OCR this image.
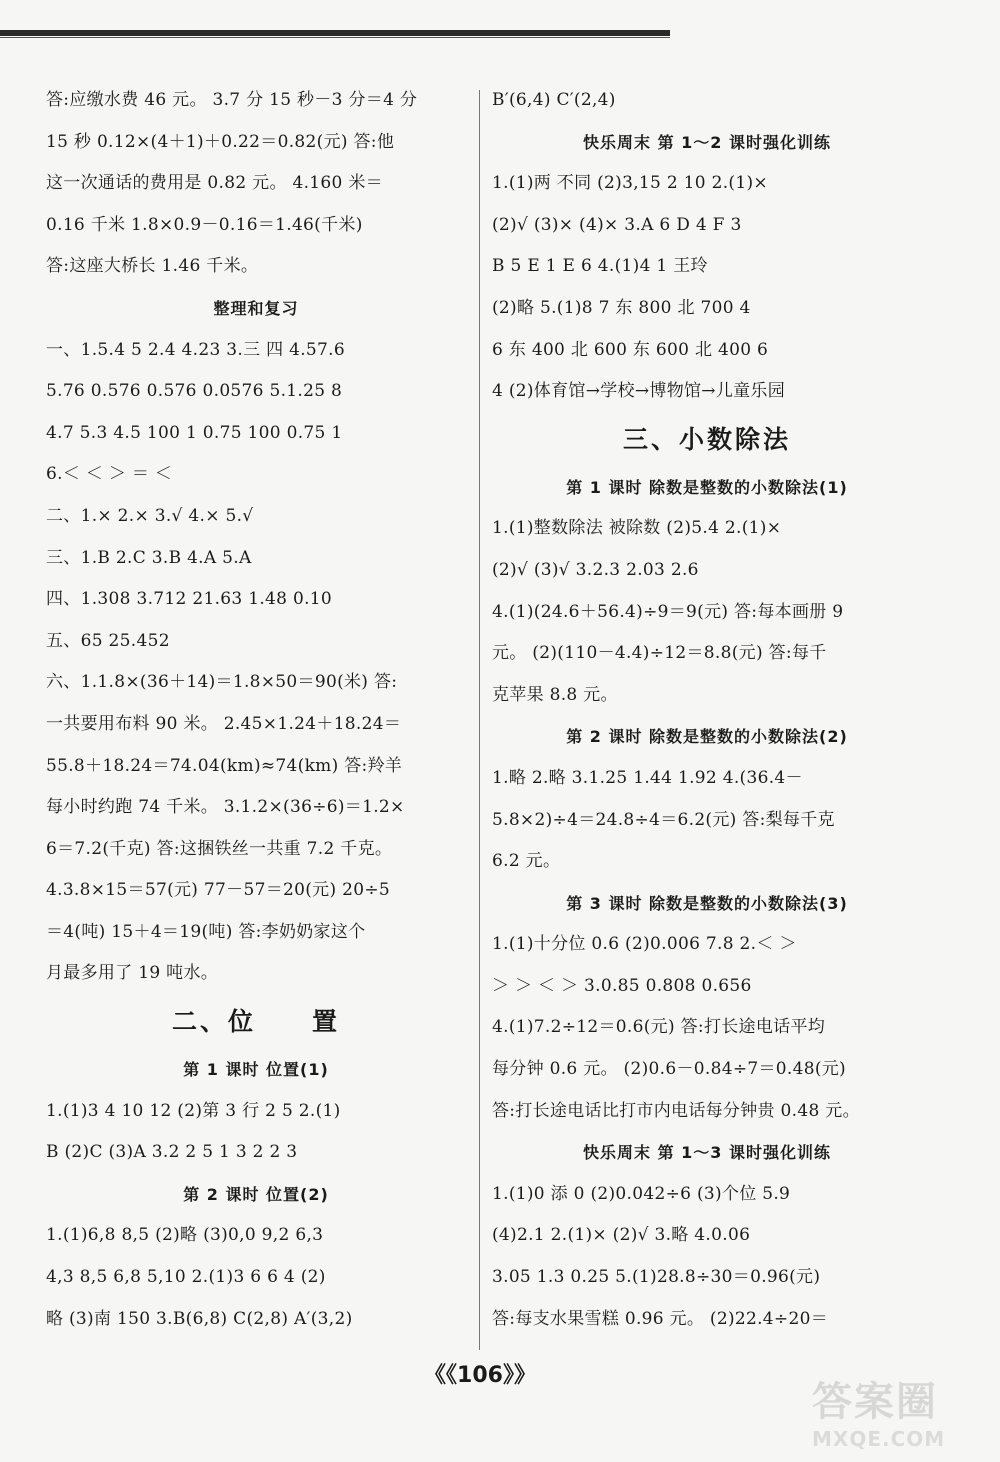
答:应缴水费 46 元。 3.7 分 15 秒－3 分＝4 分
15 秒 0.12×(4＋1)＋0.22＝0.82(元) 答:他
这一次通话的费用是 0.82 元。 4.160 米＝
0.16 千米 1.8×0.9－0.16＝1.46(千米)
答:这座大桥长 1.46 千米。
整理和复习
一、1.5.4 5 2.4 4.23 3.三 四 4.57.6
5.76 0.576 0.576 0.0576 5.1.25 8
4.7 5.3 4.5 100 1 0.75 100 0.75 1
6.＜ ＜ ＞ ＝ ＜
二、1.× 2.× 3.√ 4.× 5.√
三、1.B 2.C 3.B 4.A 5.A
四、1.308 3.712 21.63 1.48 0.10
五、65 25.452
六、1.1.8×(36＋14)＝1.8×50＝90(米) 答:
一共要用布料 90 米。 2.45×1.24＋18.24＝
55.8＋18.24＝74.04(km)≈74(km) 答:羚羊
每小时约跑 74 千米。 3.1.2×(36÷6)＝1.2×
6＝7.2(千克) 答:这捆铁丝一共重 7.2 千克。
4.3.8×15＝57(元) 77－57＝20(元) 20÷5
＝4(吨) 15＋4＝19(吨) 答:李奶奶家这个
月最多用了 19 吨水。
二、位　　置
第 1 课时 位置(1)
1.(1)3 4 10 12 (2)第 3 行 2 5 2.(1)
B (2)C (3)A 3.2 2 5 1 3 2 2 3
第 2 课时 位置(2)
1.(1)6,8 8,5 (2)略 (3)0,0 9,2 6,3
4,3 8,5 6,8 5,10 2.(1)3 6 6 4 (2)
略 (3)南 150 3.B(6,8) C(2,8) A′(3,2)
B′(6,4) C′(2,4)
快乐周末 第 1～2 课时强化训练
1.(1)两 不同 (2)3,15 2 10 2.(1)×
(2)√ (3)× (4)× 3.A 6 D 4 F 3
B 5 E 1 E 6 4.(1)4 1 王玲
(2)略 5.(1)8 7 东 800 北 700 4
6 东 400 北 600 东 600 北 400 6
4 (2)体育馆→学校→博物馆→儿童乐园
三、小数除法
第 1 课时 除数是整数的小数除法(1)
1.(1)整数除法 被除数 (2)5.4 2.(1)×
(2)√ (3)√ 3.2.3 2.03 2.6
4.(1)(24.6＋56.4)÷9＝9(元) 答:每本画册 9
元。 (2)(110－4.4)÷12＝8.8(元) 答:每千
克苹果 8.8 元。
第 2 课时 除数是整数的小数除法(2)
1.略 2.略 3.1.25 1.44 1.92 4.(36.4－
5.8×2)÷4＝24.8÷4＝6.2(元) 答:梨每千克
6.2 元。
第 3 课时 除数是整数的小数除法(3)
1.(1)十分位 0.6 (2)0.006 7.8 2.＜ ＞
＞ ＞ ＜ ＞ 3.0.85 0.808 0.656
4.(1)7.2÷12＝0.6(元) 答:打长途电话平均
每分钟 0.6 元。 (2)0.6－0.84÷7＝0.48(元)
答:打长途电话比打市内电话每分钟贵 0.48 元。
快乐周末 第 1～3 课时强化训练
1.(1)0 添 0 (2)0.042÷6 (3)个位 5.9
(4)2.1 2.(1)× (2)√ 3.略 4.0.06
3.05 1.3 0.25 5.(1)28.8÷30＝0.96(元)
答:每支水果雪糕 0.96 元。 (2)22.4÷20＝
《《106》》
答案圈
MXQE.COM
